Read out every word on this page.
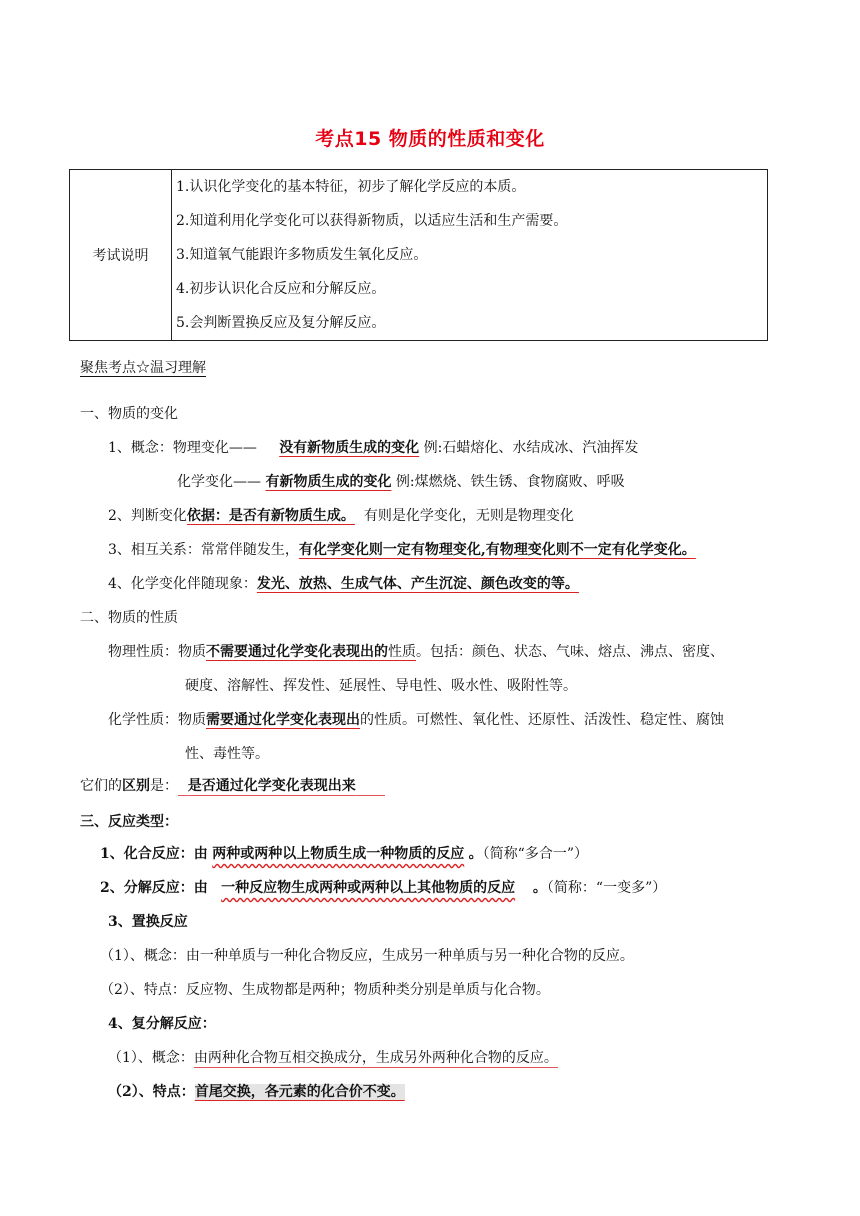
考点15 物质的性质和变化
考试说明	
1.认识化学变化的基本特征，初步了解化学反应的本质。
2.知道利用化学变化可以获得新物质，以适应生活和生产需要。
3.知道氧气能跟许多物质发生氧化反应。
4.初步认识化合反应和分解反应。
5.会判断置换反应及复分解反应。
聚焦考点☆温习理解
一、物质的变化
1、概念：物理变化—— 没有新物质生成的变化 例:石蜡熔化、水结成冰、汽油挥发
化学变化—— 有新物质生成的变化 例:煤燃烧、铁生锈、食物腐败、呼吸
2、判断变化依据：是否有新物质生成。 有则是化学变化，无则是物理变化
3、相互关系：常常伴随发生，有化学变化则一定有物理变化,有物理变化则不一定有化学变化。
4、化学变化伴随现象：发光、放热、生成气体、产生沉淀、颜色改变的等。
二、物质的性质
物理性质：物质不需要通过化学变化表现出的性质。包括：颜色、状态、气味、熔点、沸点、密度、
硬度、溶解性、挥发性、延展性、导电性、吸水性、吸附性等。
化学性质：物质需要通过化学变化表现出的性质。可燃性、氧化性、还原性、活泼性、稳定性、腐蚀
性、毒性等。
它们的区别是： 是否通过化学变化表现出来
三、反应类型：
1、化合反应：由 两种或两种以上物质生成一种物质的反应 。（简称“多合一”）
2、分解反应：由 一种反应物生成两种或两种以上其他物质的反应 。（简称：“一变多”）
3、置换反应
（1）、概念：由一种单质与一种化合物反应，生成另一种单质与另一种化合物的反应。
（2）、特点：反应物、生成物都是两种；物质种类分别是单质与化合物。
4、复分解反应：
（1）、概念：由两种化合物互相交换成分，生成另外两种化合物的反应。
（2）、特点：首尾交换，各元素的化合价不变。
